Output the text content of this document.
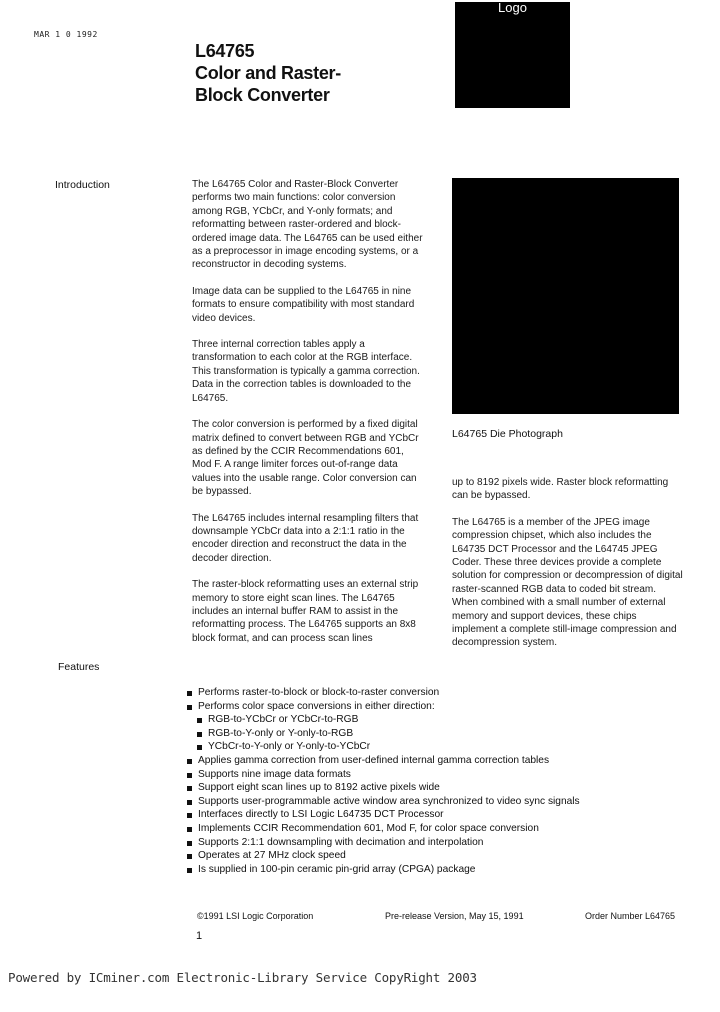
MAR 1 0 1992
L64765
Color and Raster-
Block Converter
Logo
Introduction	The L64765 Color and Raster-Block Converter performs two main functions: color conversion among RGB, YCbCr, and Y-only formats; and reformatting between raster-ordered and block-ordered image data. The L64765 can be used either as a preprocessor in image encoding systems, or a reconstructor in decoding systems.

Image data can be supplied to the L64765 in nine formats to ensure compatibility with most standard video devices.

Three internal correction tables apply a transformation to each color at the RGB interface. This transformation is typically a gamma correction. Data in the correction tables is downloaded to the L64765.

The color conversion is performed by a fixed digital matrix defined to convert between RGB and YCbCr as defined by the CCIR Recommendations 601, Mod F. A range limiter forces out-of-range data values into the usable range. Color conversion can be bypassed.

The L64765 includes internal resampling filters that downsample YCbCr data into a 2:1:1 ratio in the encoder direction and reconstruct the data in the decoder direction.

The raster-block reformatting uses an external strip memory to store eight scan lines. The L64765 includes an internal buffer RAM to assist in the reformatting process. The L64765 supports an 8x8 block format, and can process scan lines

L64765 Die Photograph

up to 8192 pixels wide. Raster block reformatting can be bypassed.

The L64765 is a member of the JPEG image compression chipset, which also includes the L64735 DCT Processor and the L64745 JPEG Coder. These three devices provide a complete solution for compression or decompression of digital raster-scanned RGB data to coded bit stream. When combined with a small number of external memory and support devices, these chips implement a complete still-image compression and decompression system.

Features
Performs raster-to-block or block-to-raster conversion
Performs color space conversions in either direction:
RGB-to-YCbCr or YCbCr-to-RGB
RGB-to-Y-only or Y-only-to-RGB
YCbCr-to-Y-only or Y-only-to-YCbCr
Applies gamma correction from user-defined internal gamma correction tables
Supports nine image data formats
Support eight scan lines up to 8192 active pixels wide
Supports user-programmable active window area synchronized to video sync signals
Interfaces directly to LSI Logic L64735 DCT Processor
Implements CCIR Recommendation 601, Mod F, for color space conversion
Supports 2:1:1 downsampling with decimation and interpolation
Operates at 27 MHz clock speed
Is supplied in 100-pin ceramic pin-grid array (CPGA) package
©1991 LSI Logic Corporation	Pre-release Version, May 15, 1991	Order Number L64765
1
Powered by ICminer.com Electronic-Library Service CopyRight 2003
